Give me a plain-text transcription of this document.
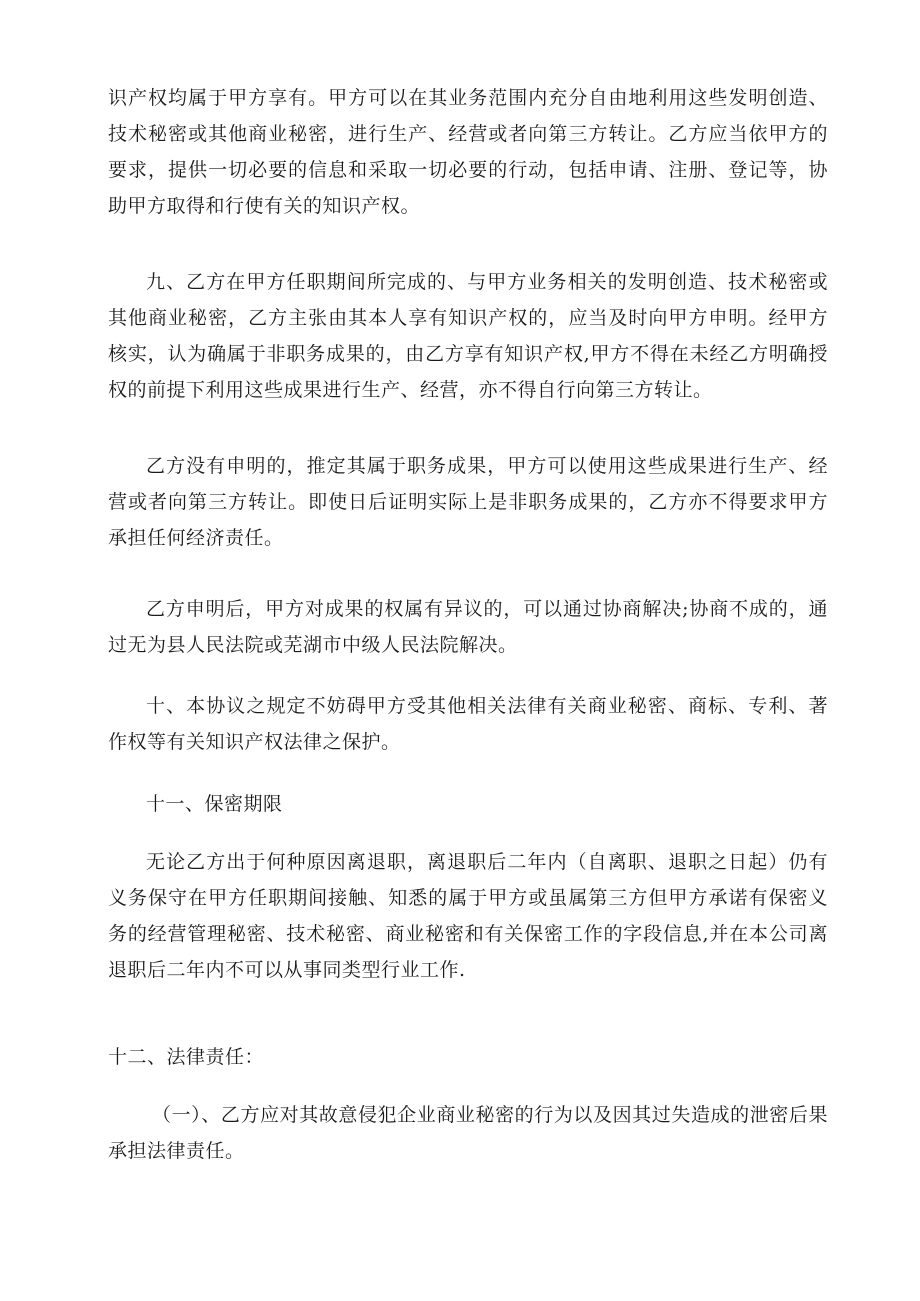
识产权均属于甲方享有。甲方可以在其业务范围内充分自由地利用这些发明创造、技术秘密或其他商业秘密，进行生产、经营或者向第三方转让。乙方应当依甲方的要求，提供一切必要的信息和采取一切必要的行动，包括申请、注册、登记等，协助甲方取得和行使有关的知识产权。

九、乙方在甲方任职期间所完成的、与甲方业务相关的发明创造、技术秘密或其他商业秘密，乙方主张由其本人享有知识产权的，应当及时向甲方申明。经甲方核实，认为确属于非职务成果的，由乙方享有知识产权,甲方不得在未经乙方明确授权的前提下利用这些成果进行生产、经营，亦不得自行向第三方转让。

乙方没有申明的，推定其属于职务成果，甲方可以使用这些成果进行生产、经营或者向第三方转让。即使日后证明实际上是非职务成果的，乙方亦不得要求甲方承担任何经济责任。

乙方申明后，甲方对成果的权属有异议的，可以通过协商解决;协商不成的，通过无为县人民法院或芜湖市中级人民法院解决。

十、本协议之规定不妨碍甲方受其他相关法律有关商业秘密、商标、专利、著作权等有关知识产权法律之保护。

十一、保密期限

无论乙方出于何种原因离退职，离退职后二年内（自离职、退职之日起）仍有义务保守在甲方任职期间接触、知悉的属于甲方或虽属第三方但甲方承诺有保密义务的经营管理秘密、技术秘密、商业秘密和有关保密工作的字段信息,并在本公司离退职后二年内不可以从事同类型行业工作.

十二、法律责任：

（一）、乙方应对其故意侵犯企业商业秘密的行为以及因其过失造成的泄密后果承担法律责任。
